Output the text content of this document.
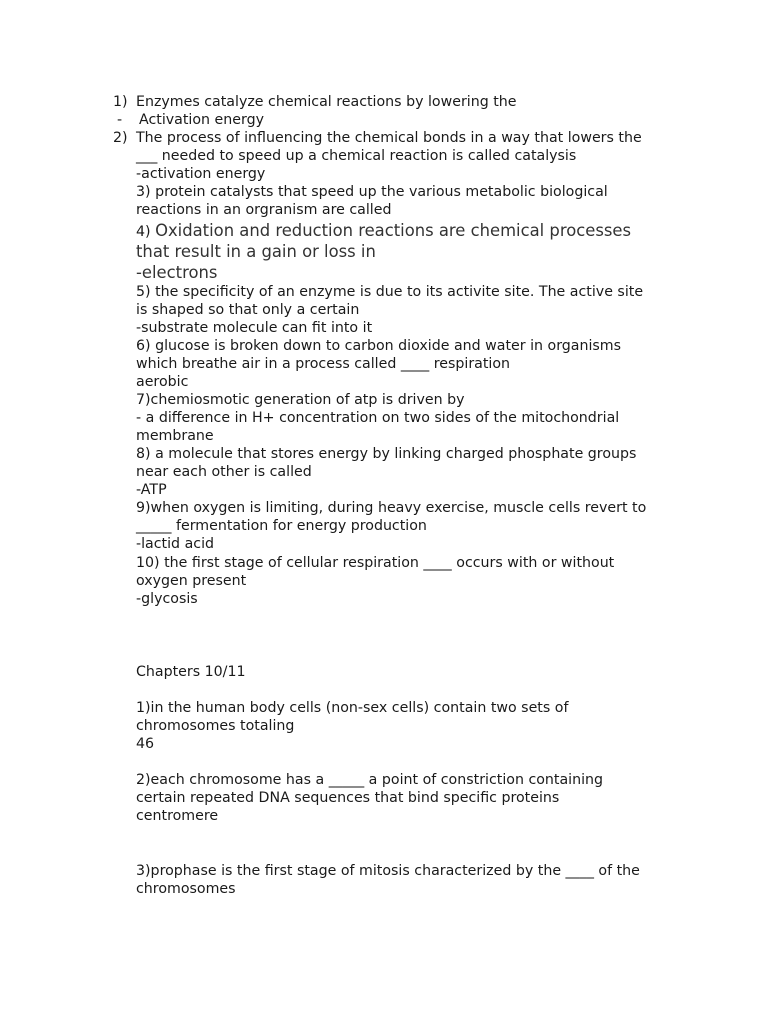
1) Enzymes catalyze chemical reactions by lowering the

- Activation energy

2) The process of influencing the chemical bonds in a way that lowers the

___ needed to speed up a chemical reaction is called catalysis

-activation energy

3) protein catalysts that speed up the various metabolic biological

reactions in an orgranism are called

4) Oxidation and reduction reactions are chemical processes

that result in a gain or loss in

-electrons

5) the specificity of an enzyme is due to its activite site. The active site

is shaped so that only a certain

-substrate molecule can fit into it

6) glucose is broken down to carbon dioxide and water in organisms

which breathe air in a process called ____ respiration

aerobic

7)chemiosmotic generation of atp is driven by

- a difference in H+ concentration on two sides of the mitochondrial

membrane

8) a molecule that stores energy by linking charged phosphate groups

near each other is called

-ATP

9)when oxygen is limiting, during heavy exercise, muscle cells revert to

_____ fermentation for energy production

-lactid acid

10) the first stage of cellular respiration ____ occurs with or without

oxygen present

-glycosis

Chapters 10/11

1)in the human body cells (non-sex cells) contain two sets of

chromosomes totaling

46

2)each chromosome has a _____ a point of constriction containing

certain repeated DNA sequences that bind specific proteins

centromere

3)prophase is the first stage of mitosis characterized by the ____ of the

chromosomes
